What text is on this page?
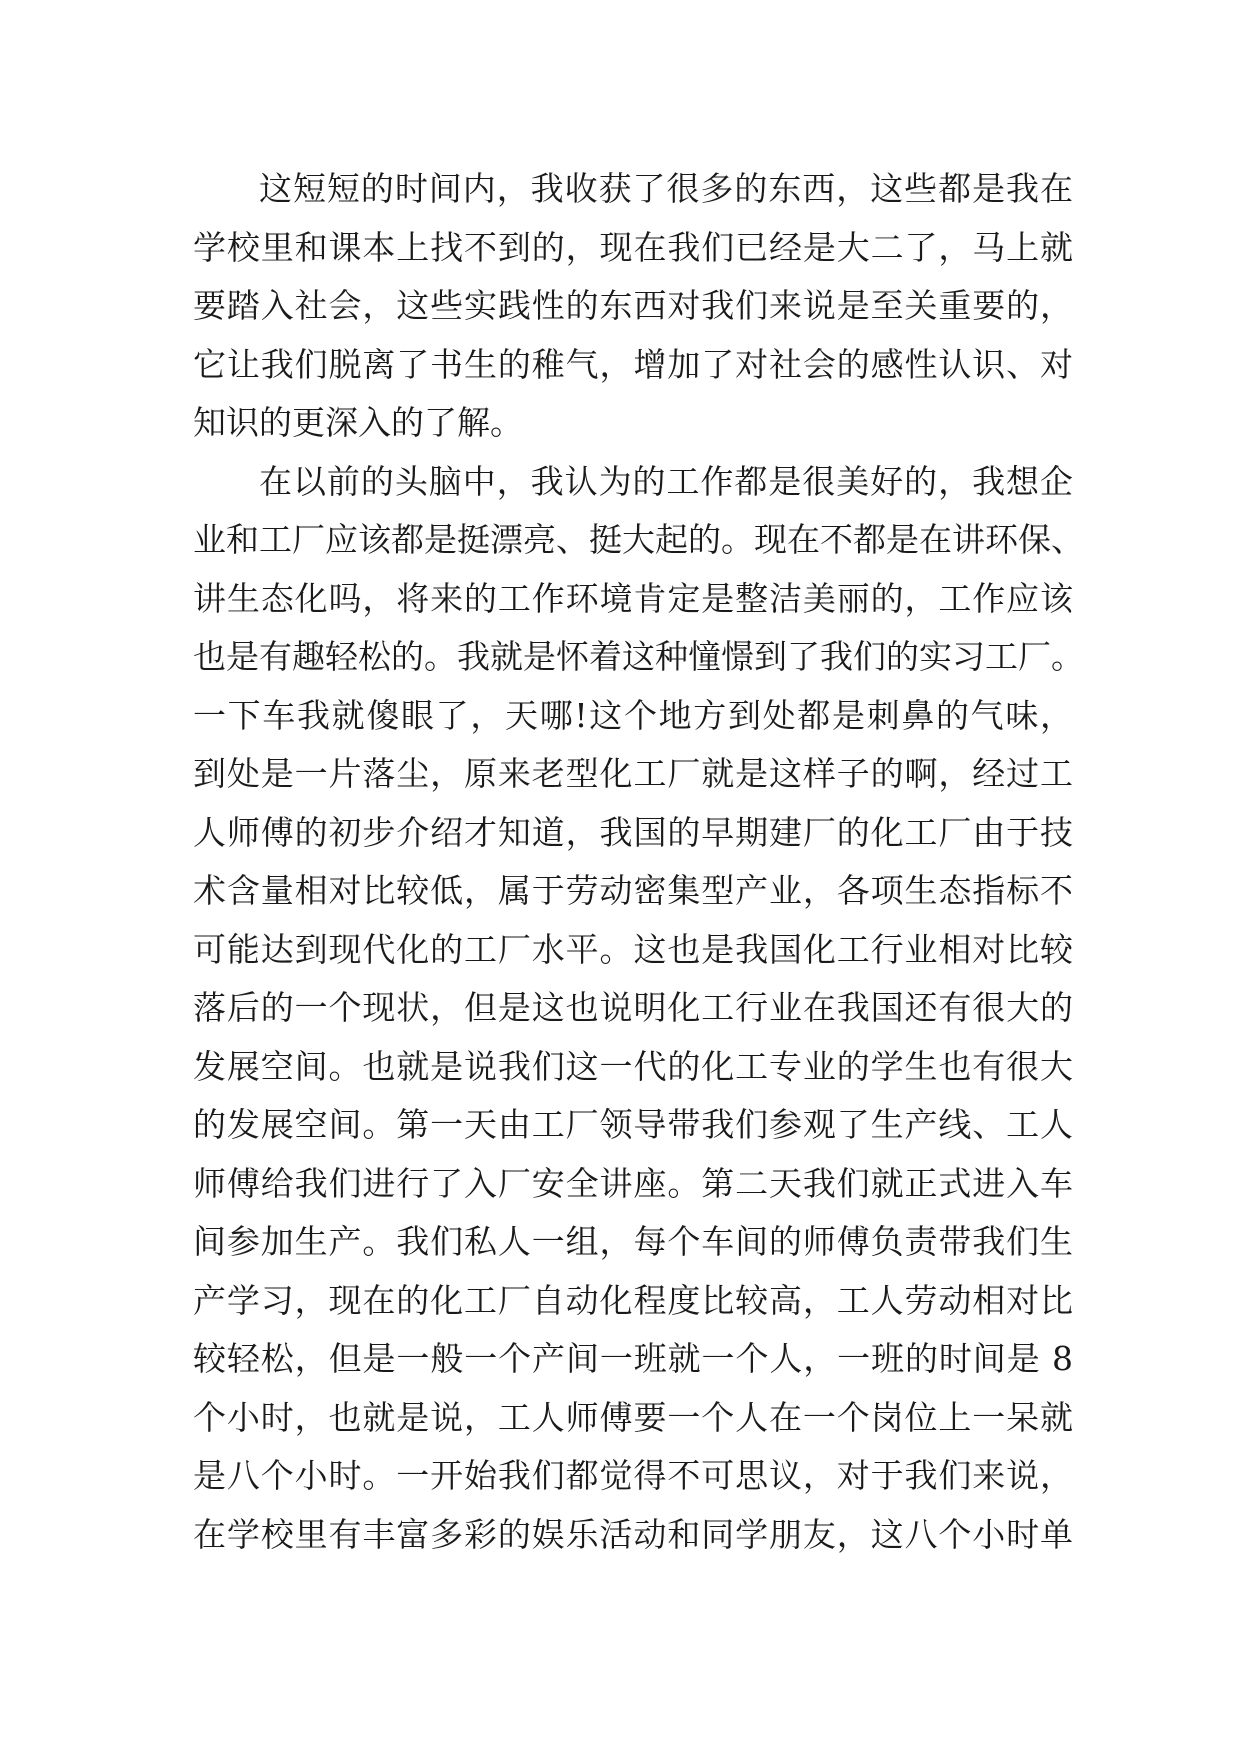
这短短的时间内，我收获了很多的东西，这些都是我在
学校里和课本上找不到的，现在我们已经是大二了，马上就
要踏入社会，这些实践性的东西对我们来说是至关重要的，
它让我们脱离了书生的稚气，增加了对社会的感性认识、对
知识的更深入的了解。
在以前的头脑中，我认为的工作都是很美好的，我想企
业和工厂应该都是挺漂亮、挺大起的。现在不都是在讲环保、
讲生态化吗，将来的工作环境肯定是整洁美丽的，工作应该
也是有趣轻松的。我就是怀着这种憧憬到了我们的实习工厂。
一下车我就傻眼了，天哪!这个地方到处都是刺鼻的气味，
到处是一片落尘，原来老型化工厂就是这样子的啊，经过工
人师傅的初步介绍才知道，我国的早期建厂的化工厂由于技
术含量相对比较低，属于劳动密集型产业，各项生态指标不
可能达到现代化的工厂水平。这也是我国化工行业相对比较
落后的一个现状，但是这也说明化工行业在我国还有很大的
发展空间。也就是说我们这一代的化工专业的学生也有很大
的发展空间。第一天由工厂领导带我们参观了生产线、工人
师傅给我们进行了入厂安全讲座。第二天我们就正式进入车
间参加生产。我们私人一组，每个车间的师傅负责带我们生
产学习，现在的化工厂自动化程度比较高，工人劳动相对比
较轻松，但是一般一个产间一班就一个人，一班的时间是 8
个小时，也就是说，工人师傅要一个人在一个岗位上一呆就
是八个小时。一开始我们都觉得不可思议，对于我们来说，
在学校里有丰富多彩的娱乐活动和同学朋友，这八个小时单
